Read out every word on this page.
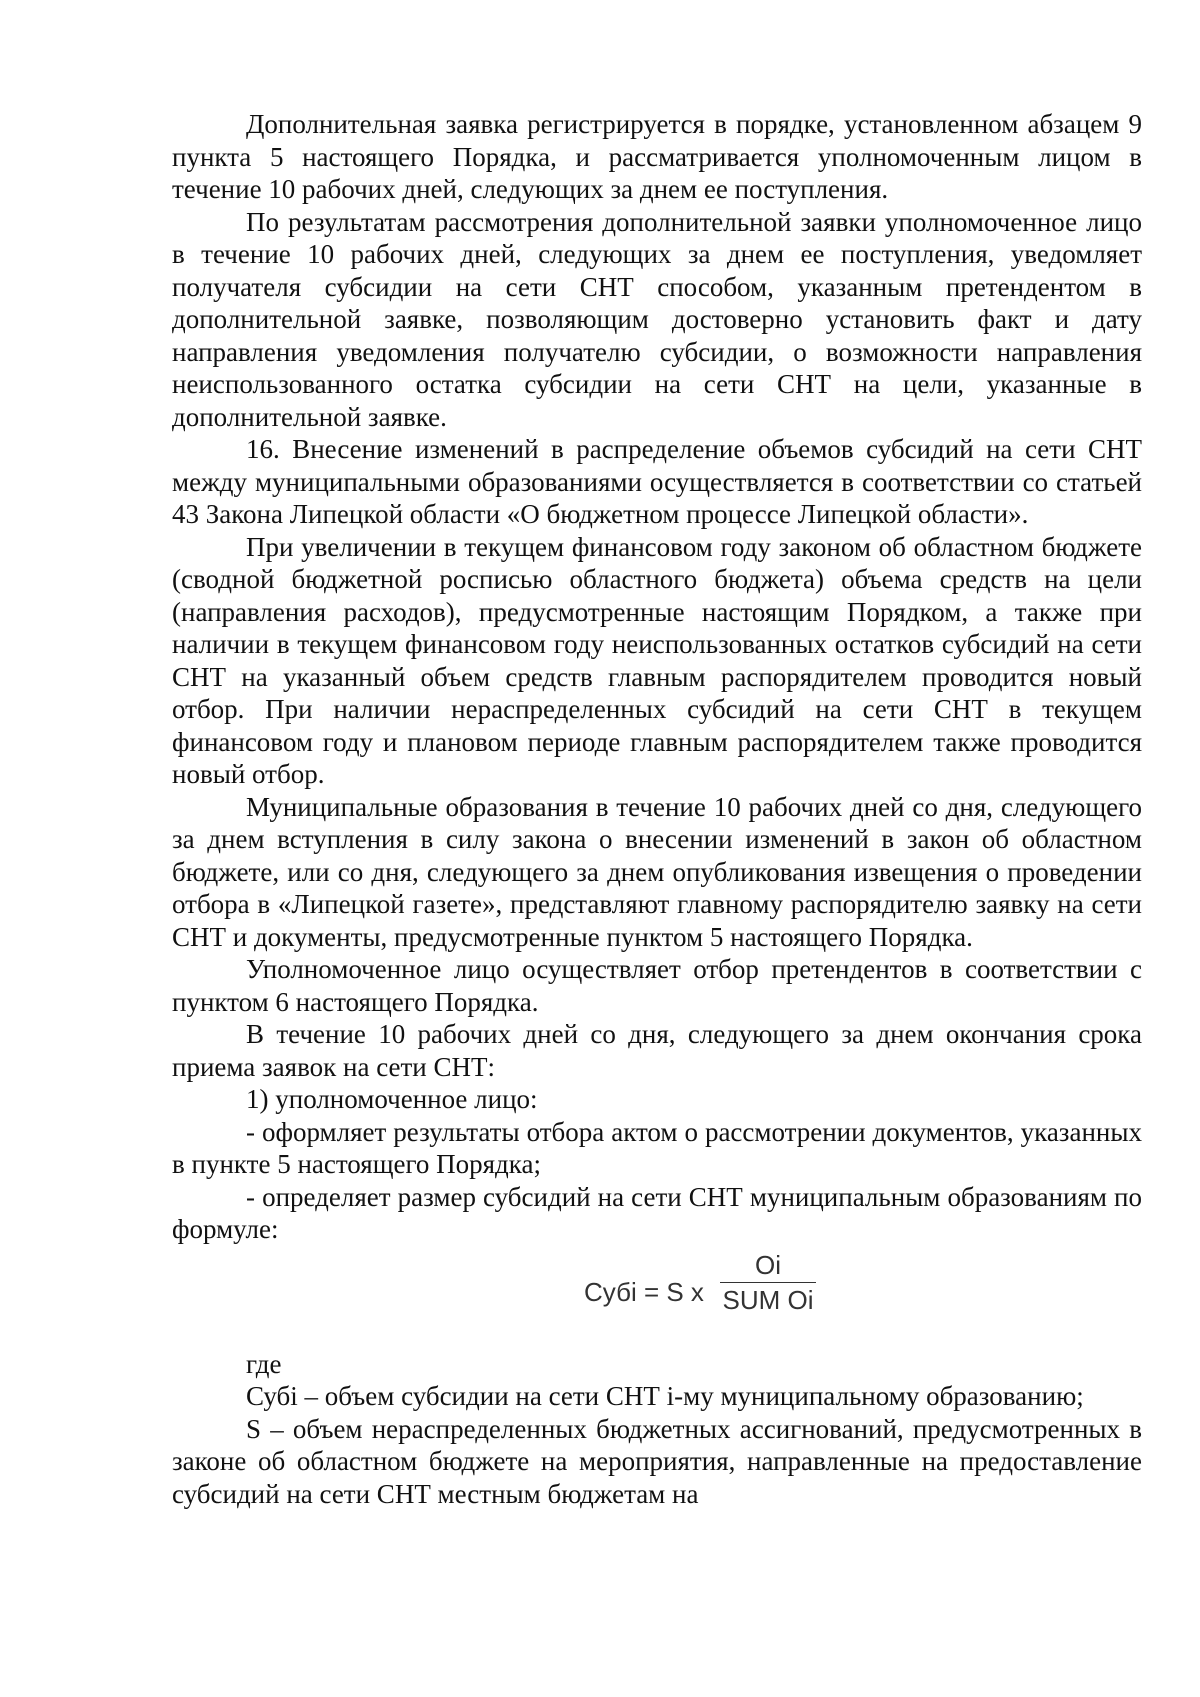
Дополнительная заявка регистрируется в порядке, установленном абзацем 9 пункта 5 настоящего Порядка, и рассматривается уполномоченным лицом в течение 10 рабочих дней, следующих за днем ее поступления.

По результатам рассмотрения дополнительной заявки уполномоченное лицо в течение 10 рабочих дней, следующих за днем ее поступления, уведомляет получателя субсидии на сети СНТ способом, указанным претендентом в дополнительной заявке, позволяющим достоверно установить факт и дату направления уведомления получателю субсидии, о возможности направления неиспользованного остатка субсидии на сети СНТ на цели, указанные в дополнительной заявке.

16. Внесение изменений в распределение объемов субсидий на сети СНТ между муниципальными образованиями осуществляется в соответствии со статьей 43 Закона Липецкой области «О бюджетном процессе Липецкой области».

При увеличении в текущем финансовом году законом об областном бюджете (сводной бюджетной росписью областного бюджета) объема средств на цели (направления расходов), предусмотренные настоящим Порядком, а также при наличии в текущем финансовом году неиспользованных остатков субсидий на сети СНТ на указанный объем средств главным распорядителем проводится новый отбор. При наличии нераспределенных субсидий на сети СНТ в текущем финансовом году и плановом периоде главным распорядителем также проводится новый отбор.

Муниципальные образования в течение 10 рабочих дней со дня, следующего за днем вступления в силу закона о внесении изменений в закон об областном бюджете, или со дня, следующего за днем опубликования извещения о проведении отбора в «Липецкой газете», представляют главному распорядителю заявку на сети СНТ и документы, предусмотренные пунктом 5 настоящего Порядка.

Уполномоченное лицо осуществляет отбор претендентов в соответствии с пунктом 6 настоящего Порядка.

В течение 10 рабочих дней со дня, следующего за днем окончания срока приема заявок на сети СНТ:

1) уполномоченное лицо:

- оформляет результаты отбора актом о рассмотрении документов, указанных в пункте 5 настоящего Порядка;

- определяет размер субсидий на сети СНТ муниципальным образованиям по формуле:

Субі = S x
Oi
SUM Oi

где

Субі – объем субсидии на сети СНТ і-му муниципальному образованию;

S – объем нераспределенных бюджетных ассигнований, предусмотренных в законе об областном бюджете на мероприятия, направленные на предоставление субсидий на сети СНТ местным бюджетам на
